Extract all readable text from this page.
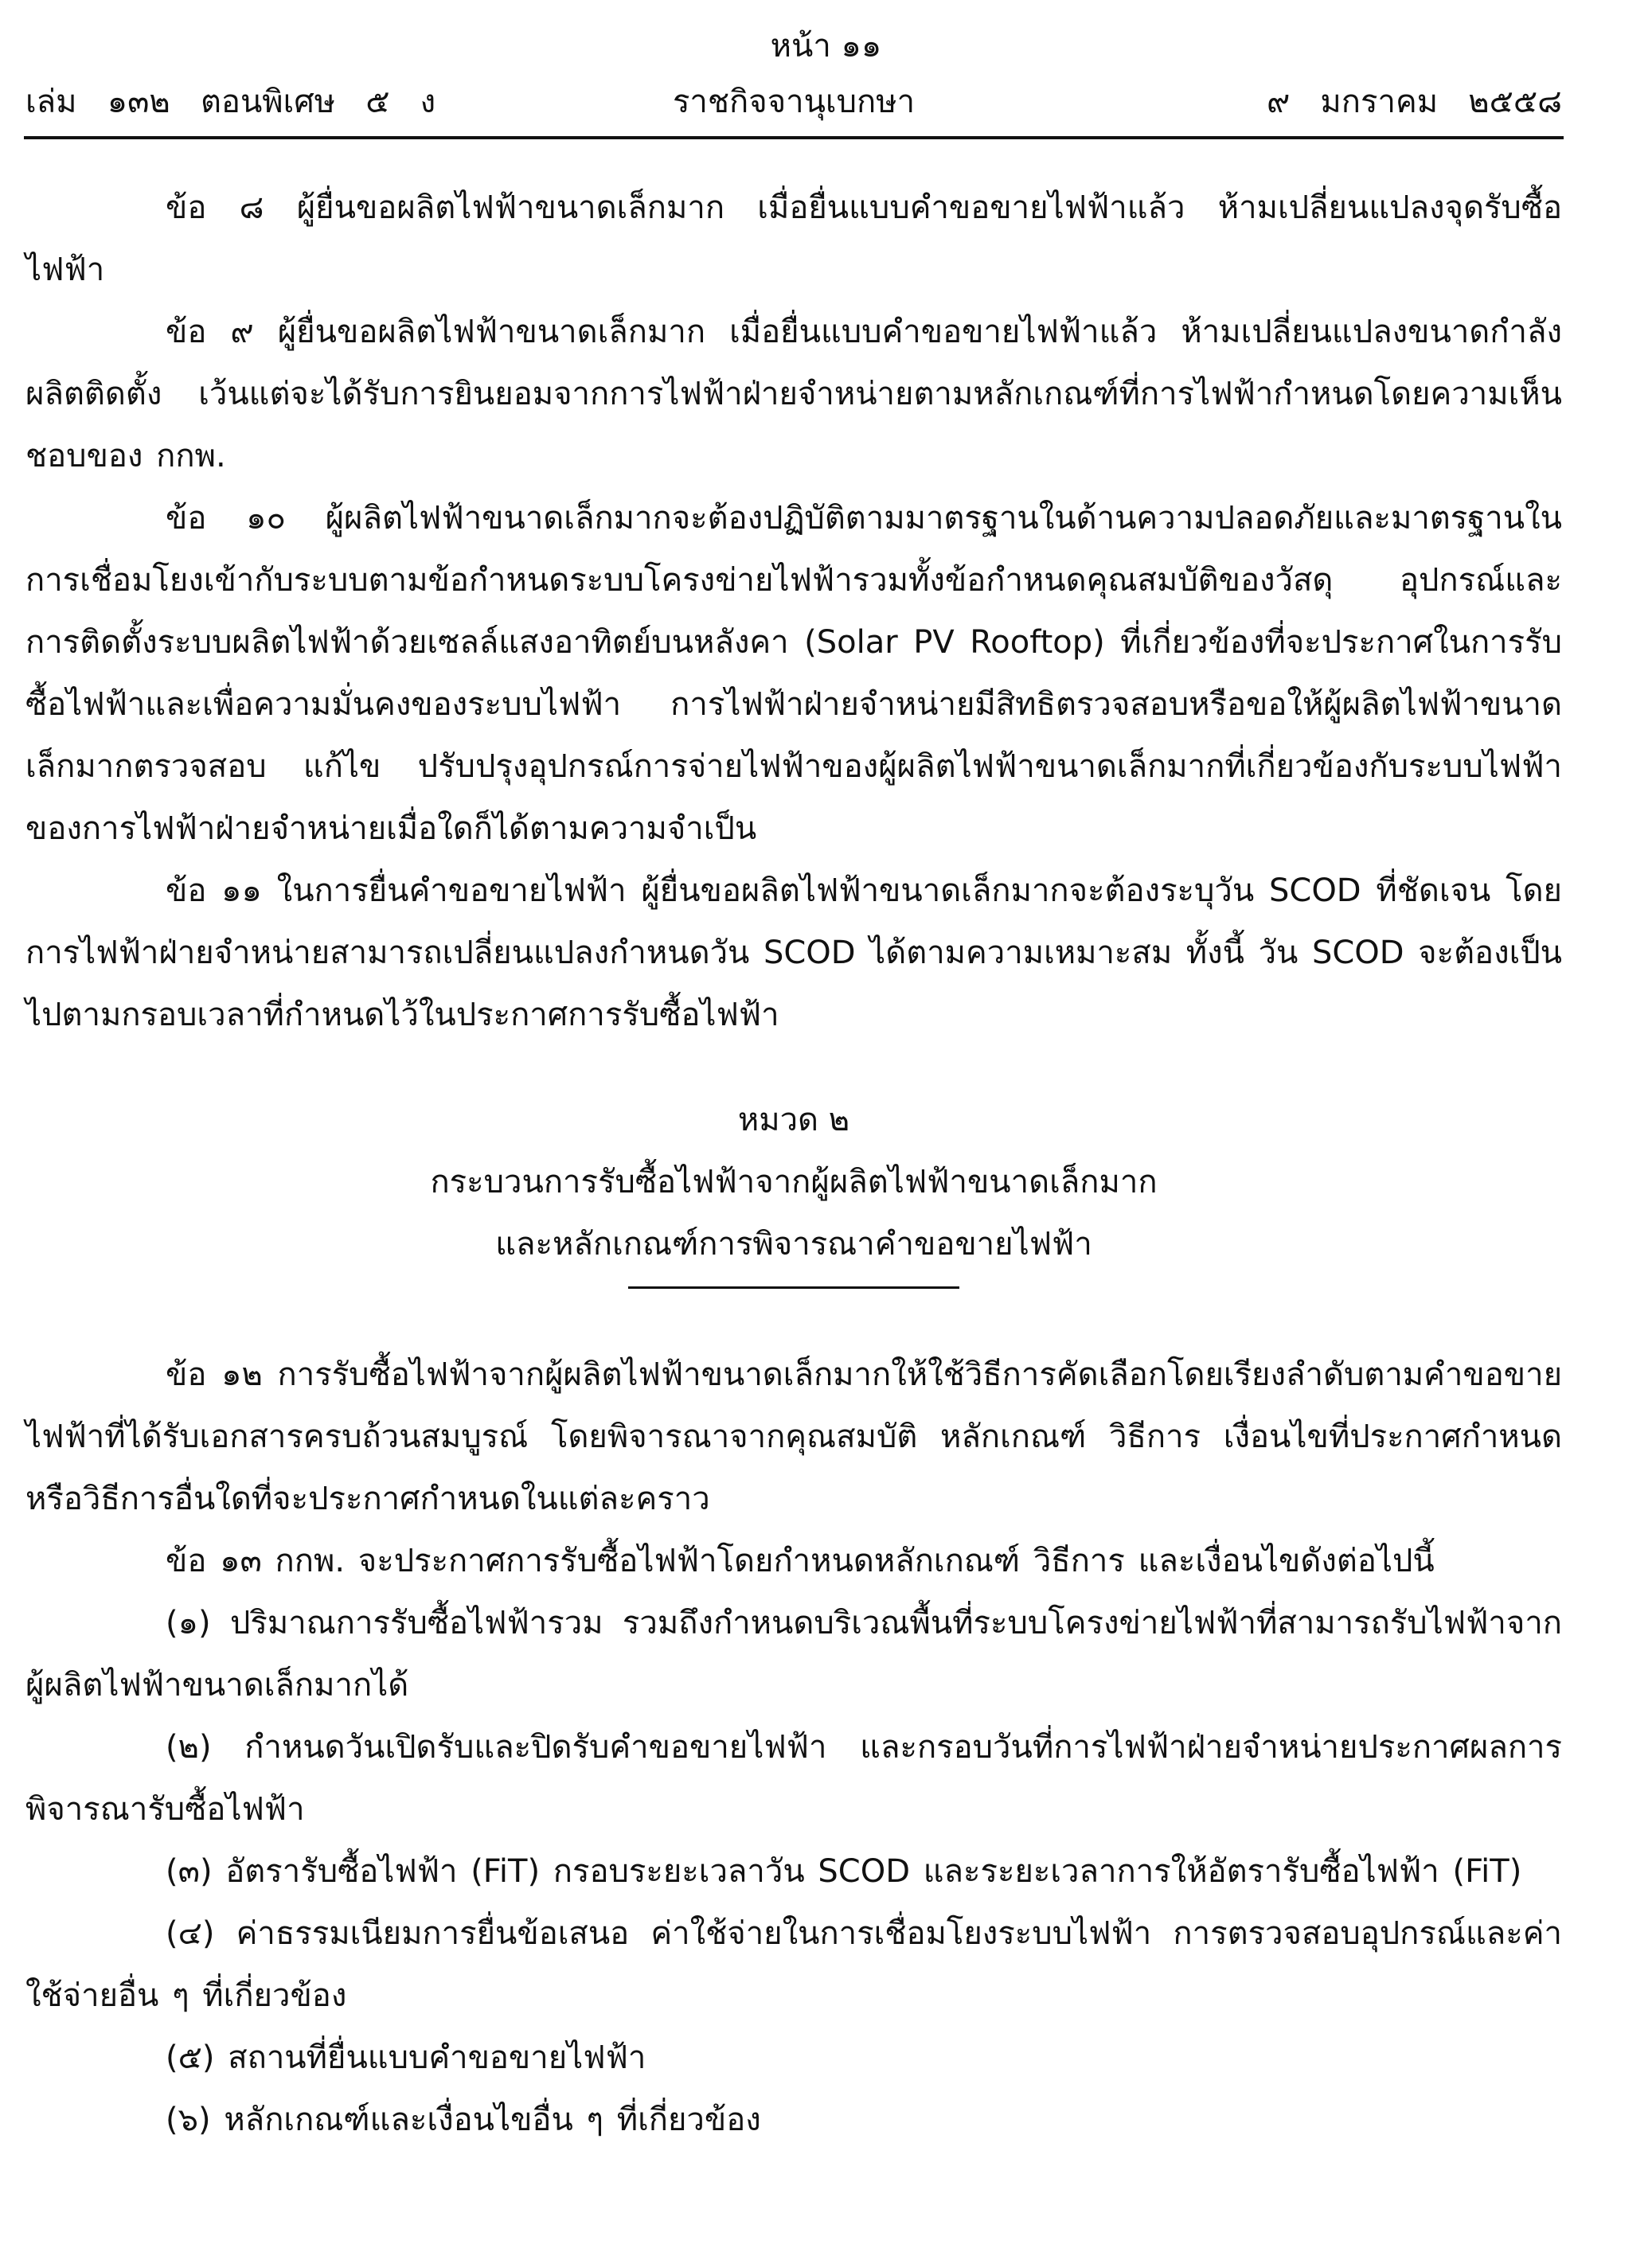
หน้า ๑๑
ราชกิจจานุเบกษา
เล่ม   ๑๓๒   ตอนพิเศษ   ๕   ง	๙   มกราคม   ๒๕๕๘

ข้อ ๘ ผู้ยื่นขอผลิตไฟฟ้าขนาดเล็กมาก เมื่อยื่นแบบคำขอขายไฟฟ้าแล้ว ห้ามเปลี่ยนแปลงจุดรับซื้อไฟฟ้า

ข้อ ๙ ผู้ยื่นขอผลิตไฟฟ้าขนาดเล็กมาก เมื่อยื่นแบบคำขอขายไฟฟ้าแล้ว ห้ามเปลี่ยนแปลงขนาดกำลังผลิตติดตั้ง เว้นแต่จะได้รับการยินยอมจากการไฟฟ้าฝ่ายจำหน่ายตามหลักเกณฑ์ที่การไฟฟ้ากำหนดโดยความเห็นชอบของ กกพ.

ข้อ ๑๐ ผู้ผลิตไฟฟ้าขนาดเล็กมากจะต้องปฏิบัติตามมาตรฐานในด้านความปลอดภัยและมาตรฐานในการเชื่อมโยงเข้ากับระบบตามข้อกำหนดระบบโครงข่ายไฟฟ้ารวมทั้งข้อกำหนดคุณสมบัติของวัสดุ อุปกรณ์และการติดตั้งระบบผลิตไฟฟ้าด้วยเซลล์แสงอาทิตย์บนหลังคา (Solar PV Rooftop) ที่เกี่ยวข้องที่จะประกาศในการรับซื้อไฟฟ้าและเพื่อความมั่นคงของระบบไฟฟ้า การไฟฟ้าฝ่ายจำหน่ายมีสิทธิตรวจสอบหรือขอให้ผู้ผลิตไฟฟ้าขนาดเล็กมากตรวจสอบ แก้ไข ปรับปรุงอุปกรณ์การจ่ายไฟฟ้าของผู้ผลิตไฟฟ้าขนาดเล็กมากที่เกี่ยวข้องกับระบบไฟฟ้าของการไฟฟ้าฝ่ายจำหน่ายเมื่อใดก็ได้ตามความจำเป็น

ข้อ ๑๑ ในการยื่นคำขอขายไฟฟ้า ผู้ยื่นขอผลิตไฟฟ้าขนาดเล็กมากจะต้องระบุวัน SCOD ที่ชัดเจน โดยการไฟฟ้าฝ่ายจำหน่ายสามารถเปลี่ยนแปลงกำหนดวัน SCOD ได้ตามความเหมาะสม ทั้งนี้ วัน SCOD จะต้องเป็นไปตามกรอบเวลาที่กำหนดไว้ในประกาศการรับซื้อไฟฟ้า

หมวด ๒

กระบวนการรับซื้อไฟฟ้าจากผู้ผลิตไฟฟ้าขนาดเล็กมาก

และหลักเกณฑ์การพิจารณาคำขอขายไฟฟ้า

ข้อ ๑๒ การรับซื้อไฟฟ้าจากผู้ผลิตไฟฟ้าขนาดเล็กมากให้ใช้วิธีการคัดเลือกโดยเรียงลำดับตามคำขอขายไฟฟ้าที่ได้รับเอกสารครบถ้วนสมบูรณ์ โดยพิจารณาจากคุณสมบัติ หลักเกณฑ์ วิธีการ เงื่อนไขที่ประกาศกำหนด หรือวิธีการอื่นใดที่จะประกาศกำหนดในแต่ละคราว

ข้อ ๑๓ กกพ. จะประกาศการรับซื้อไฟฟ้าโดยกำหนดหลักเกณฑ์ วิธีการ และเงื่อนไขดังต่อไปนี้

(๑) ปริมาณการรับซื้อไฟฟ้ารวม รวมถึงกำหนดบริเวณพื้นที่ระบบโครงข่ายไฟฟ้าที่สามารถรับไฟฟ้าจากผู้ผลิตไฟฟ้าขนาดเล็กมากได้

(๒) กำหนดวันเปิดรับและปิดรับคำขอขายไฟฟ้า และกรอบวันที่การไฟฟ้าฝ่ายจำหน่ายประกาศผลการพิจารณารับซื้อไฟฟ้า

(๓) อัตรารับซื้อไฟฟ้า (FiT) กรอบระยะเวลาวัน SCOD และระยะเวลาการให้อัตรารับซื้อไฟฟ้า (FiT)

(๔) ค่าธรรมเนียมการยื่นข้อเสนอ ค่าใช้จ่ายในการเชื่อมโยงระบบไฟฟ้า การตรวจสอบอุปกรณ์และค่าใช้จ่ายอื่น ๆ ที่เกี่ยวข้อง

(๕) สถานที่ยื่นแบบคำขอขายไฟฟ้า

(๖) หลักเกณฑ์และเงื่อนไขอื่น ๆ ที่เกี่ยวข้อง
